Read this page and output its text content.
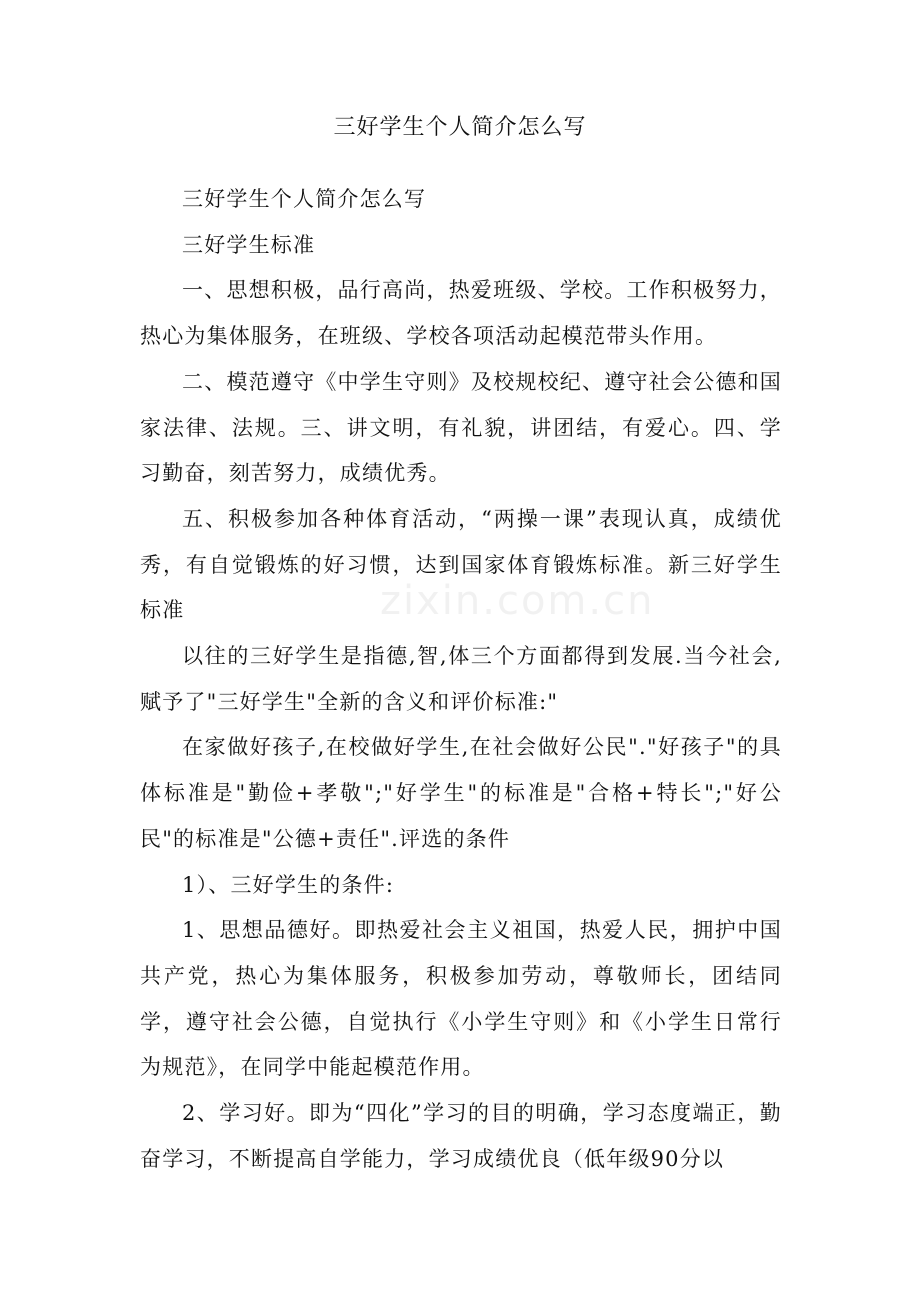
三好学生个人简介怎么写

三好学生个人简介怎么写

三好学生标准

一、思想积极，品行高尚，热爱班级、学校。工作积极努力，热心为集体服务，在班级、学校各项活动起模范带头作用。

二、模范遵守《中学生守则》及校规校纪、遵守社会公德和国家法律、法规。三、讲文明，有礼貌，讲团结，有爱心。四、学习勤奋，刻苦努力，成绩优秀。

五、积极参加各种体育活动，“两操一课”表现认真，成绩优秀，有自觉锻炼的好习惯，达到国家体育锻炼标准。新三好学生标准

以往的三好学生是指德,智,体三个方面都得到发展.当今社会,赋予了"三好学生"全新的含义和评价标准:"

在家做好孩子,在校做好学生,在社会做好公民"."好孩子"的具体标准是"勤俭+孝敬";"好学生"的标准是"合格+特长";"好公民"的标准是"公德+责任".评选的条件

1）、三好学生的条件:

1、思想品德好。即热爱社会主义祖国，热爱人民，拥护中国共产党，热心为集体服务，积极参加劳动，尊敬师长，团结同学，遵守社会公德，自觉执行《小学生守则》和《小学生日常行为规范》，在同学中能起模范作用。

2、学习好。即为“四化”学习的目的明确，学习态度端正，勤奋学习，不断提高自学能力，学习成绩优良（低年级90分以

zixin.com.cn
